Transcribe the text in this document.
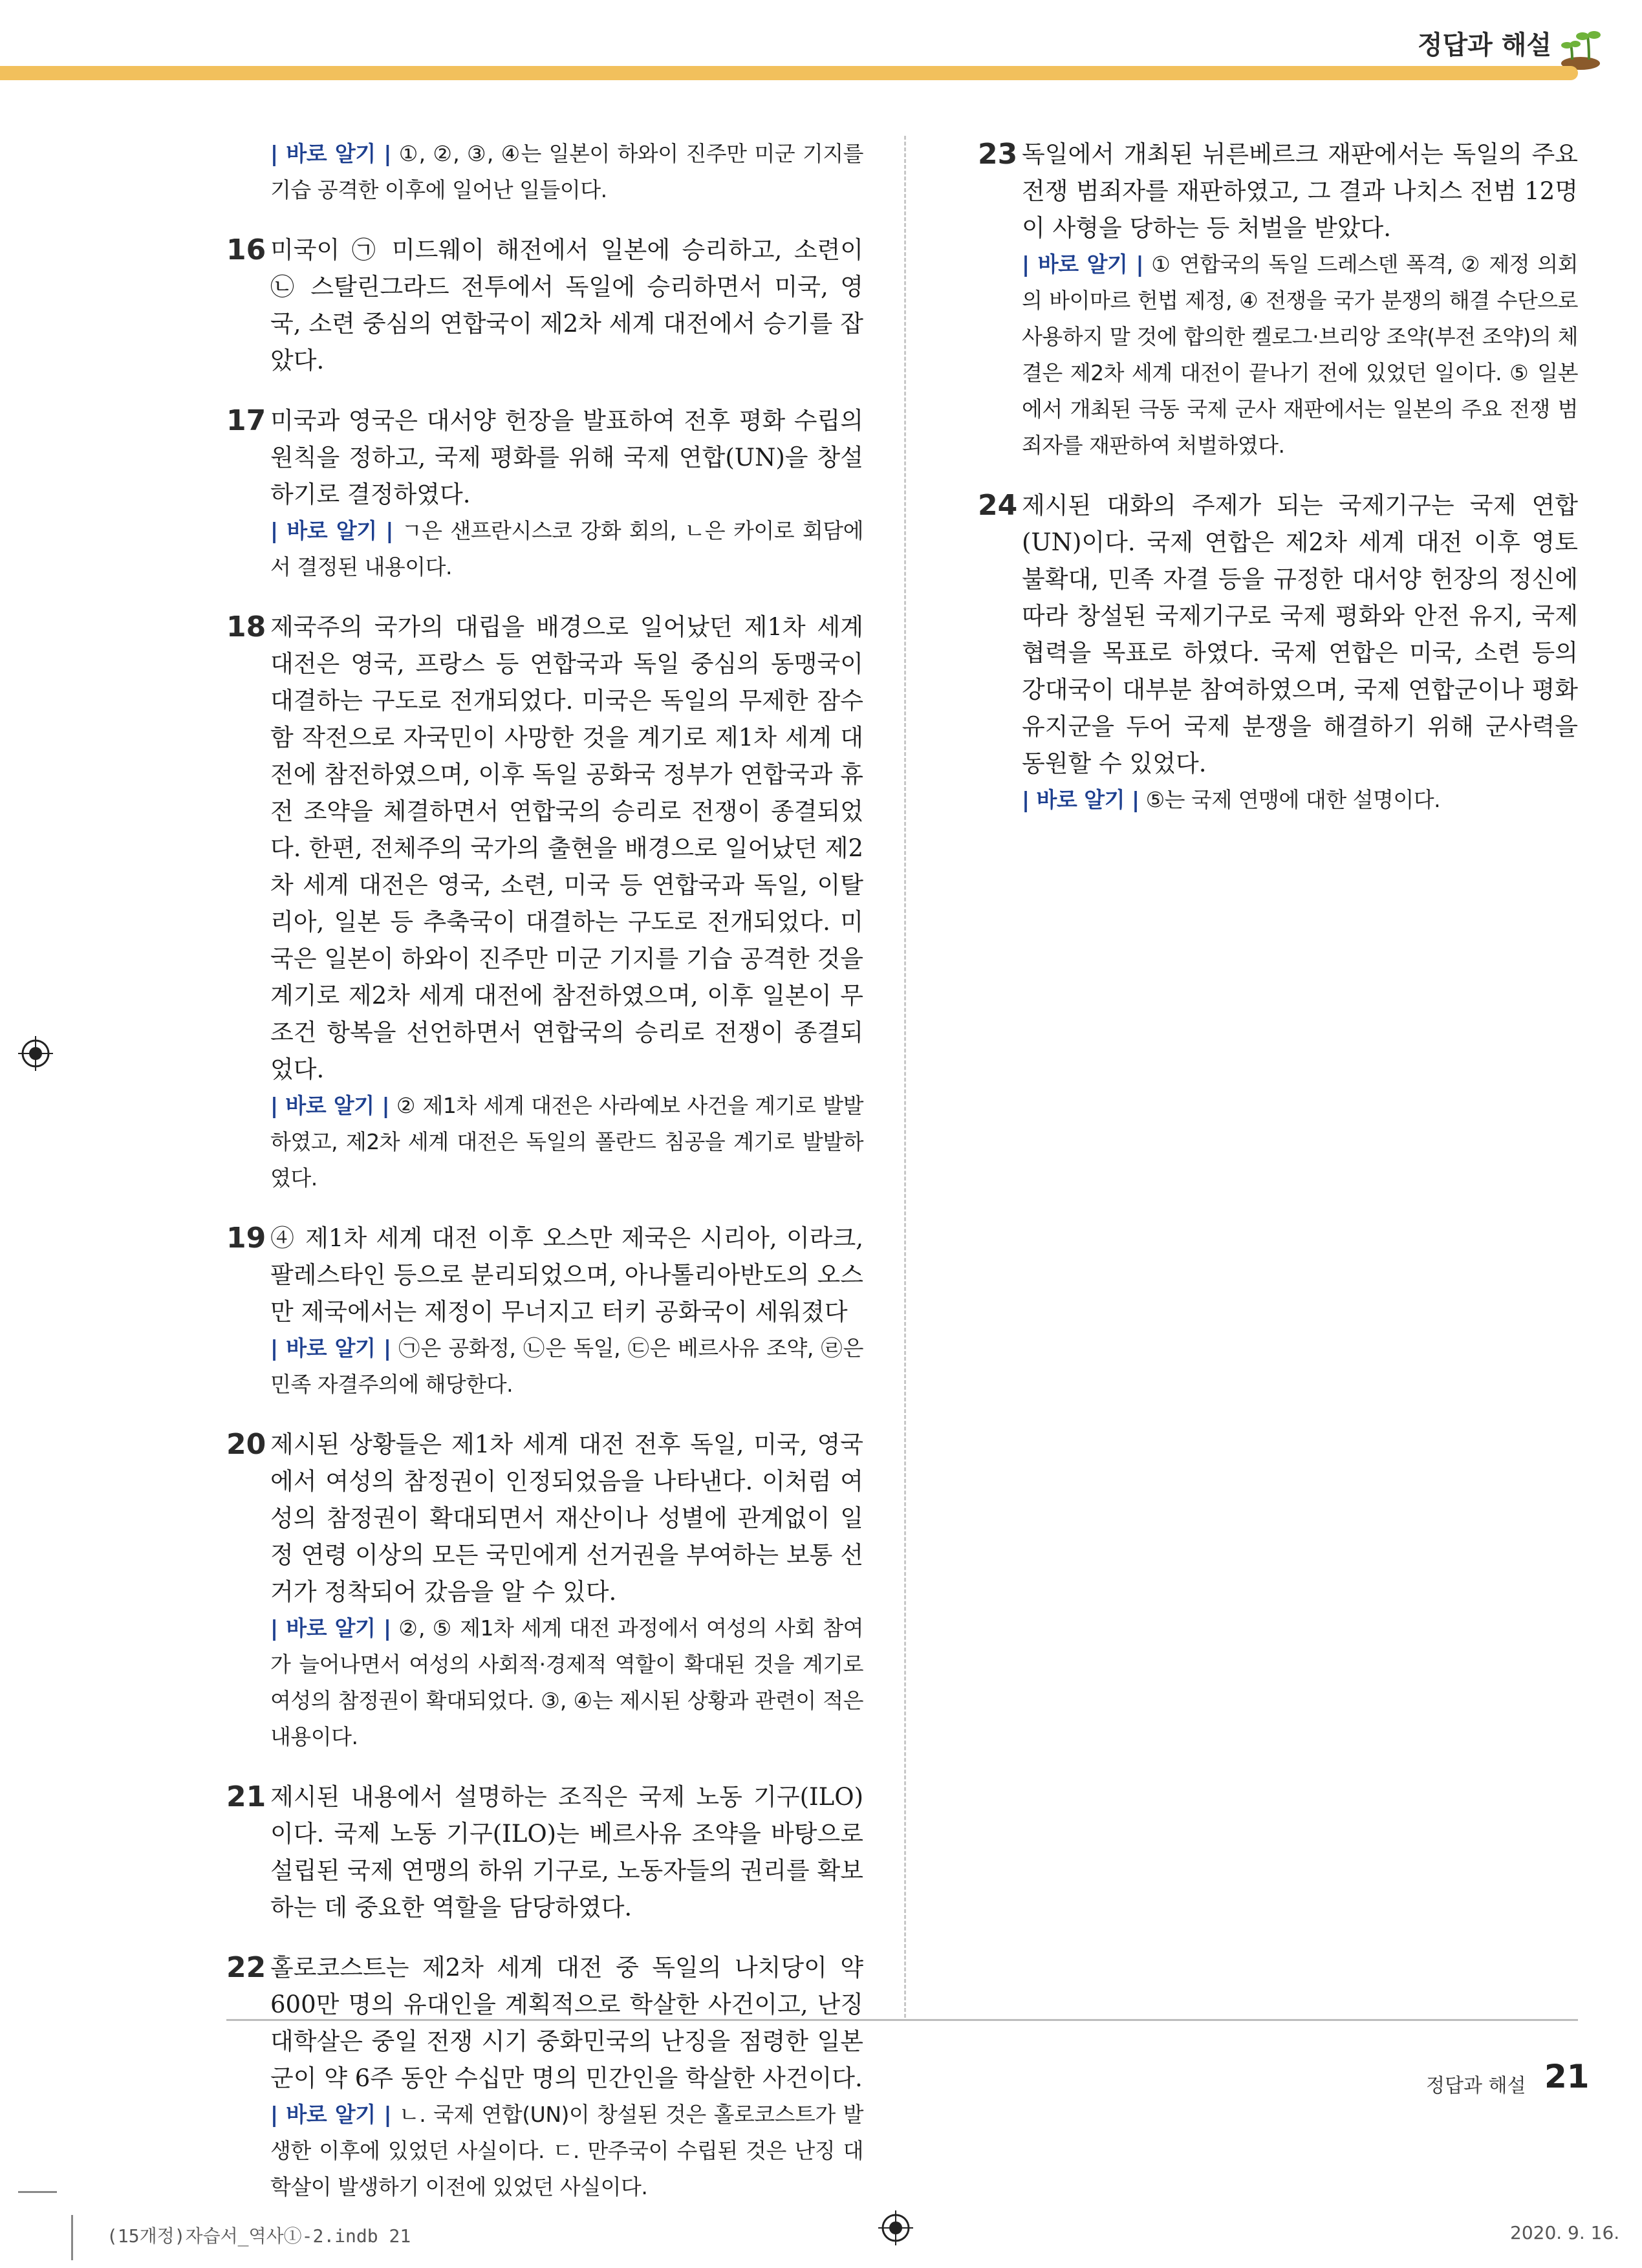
정답과 해설
| 바로 알기 | ①, ②, ③, ④는 일본이 하와이 진주만 미군 기지를 기습 공격한 이후에 일어난 일들이다.
16 미국이 ㉠ 미드웨이 해전에서 일본에 승리하고, 소련이 ㉡ 스탈린그라드 전투에서 독일에 승리하면서 미국, 영국, 소련 중심의 연합국이 제2차 세계 대전에서 승기를 잡았다.
17 미국과 영국은 대서양 헌장을 발표하여 전후 평화 수립의 원칙을 정하고, 국제 평화를 위해 국제 연합(UN)을 창설하기로 결정하였다.
| 바로 알기 | ㄱ은 샌프란시스코 강화 회의, ㄴ은 카이로 회담에서 결정된 내용이다.
18 제국주의 국가의 대립을 배경으로 일어났던 제1차 세계 대전은 영국, 프랑스 등 연합국과 독일 중심의 동맹국이 대결하는 구도로 전개되었다. 미국은 독일의 무제한 잠수함 작전으로 자국민이 사망한 것을 계기로 제1차 세계 대전에 참전하였으며, 이후 독일 공화국 정부가 연합국과 휴전 조약을 체결하면서 연합국의 승리로 전쟁이 종결되었다. 한편, 전체주의 국가의 출현을 배경으로 일어났던 제2차 세계 대전은 영국, 소련, 미국 등 연합국과 독일, 이탈리아, 일본 등 추축국이 대결하는 구도로 전개되었다. 미국은 일본이 하와이 진주만 미군 기지를 기습 공격한 것을 계기로 제2차 세계 대전에 참전하였으며, 이후 일본이 무조건 항복을 선언하면서 연합국의 승리로 전쟁이 종결되었다.
| 바로 알기 | ② 제1차 세계 대전은 사라예보 사건을 계기로 발발하였고, 제2차 세계 대전은 독일의 폴란드 침공을 계기로 발발하였다.
19 ④ 제1차 세계 대전 이후 오스만 제국은 시리아, 이라크, 팔레스타인 등으로 분리되었으며, 아나톨리아반도의 오스만 제국에서는 제정이 무너지고 터키 공화국이 세워졌다
| 바로 알기 | ㉠은 공화정, ㉡은 독일, ㉢은 베르사유 조약, ㉣은 민족 자결주의에 해당한다.
20 제시된 상황들은 제1차 세계 대전 전후 독일, 미국, 영국에서 여성의 참정권이 인정되었음을 나타낸다. 이처럼 여성의 참정권이 확대되면서 재산이나 성별에 관계없이 일정 연령 이상의 모든 국민에게 선거권을 부여하는 보통 선거가 정착되어 갔음을 알 수 있다.
| 바로 알기 | ②, ⑤ 제1차 세계 대전 과정에서 여성의 사회 참여가 늘어나면서 여성의 사회적·경제적 역할이 확대된 것을 계기로 여성의 참정권이 확대되었다. ③, ④는 제시된 상황과 관련이 적은 내용이다.
21 제시된 내용에서 설명하는 조직은 국제 노동 기구(ILO)이다. 국제 노동 기구(ILO)는 베르사유 조약을 바탕으로 설립된 국제 연맹의 하위 기구로, 노동자들의 권리를 확보하는 데 중요한 역할을 담당하였다.
22 홀로코스트는 제2차 세계 대전 중 독일의 나치당이 약 600만 명의 유대인을 계획적으로 학살한 사건이고, 난징 대학살은 중일 전쟁 시기 중화민국의 난징을 점령한 일본군이 약 6주 동안 수십만 명의 민간인을 학살한 사건이다.
| 바로 알기 | ㄴ. 국제 연합(UN)이 창설된 것은 홀로코스트가 발생한 이후에 있었던 사실이다. ㄷ. 만주국이 수립된 것은 난징 대학살이 발생하기 이전에 있었던 사실이다.
23 독일에서 개최된 뉘른베르크 재판에서는 독일의 주요 전쟁 범죄자를 재판하였고, 그 결과 나치스 전범 12명이 사형을 당하는 등 처벌을 받았다.
| 바로 알기 | ① 연합국의 독일 드레스덴 폭격, ② 제정 의회의 바이마르 헌법 제정, ④ 전쟁을 국가 분쟁의 해결 수단으로 사용하지 말 것에 합의한 켈로그·브리앙 조약(부전 조약)의 체결은 제2차 세계 대전이 끝나기 전에 있었던 일이다. ⑤ 일본에서 개최된 극동 국제 군사 재판에서는 일본의 주요 전쟁 범죄자를 재판하여 처벌하였다.
24 제시된 대화의 주제가 되는 국제기구는 국제 연합(UN)이다. 국제 연합은 제2차 세계 대전 이후 영토 불확대, 민족 자결 등을 규정한 대서양 헌장의 정신에 따라 창설된 국제기구로 국제 평화와 안전 유지, 국제 협력을 목표로 하였다. 국제 연합은 미국, 소련 등의 강대국이 대부분 참여하였으며, 국제 연합군이나 평화 유지군을 두어 국제 분쟁을 해결하기 위해 군사력을 동원할 수 있었다.
| 바로 알기 | ⑤는 국제 연맹에 대한 설명이다.
정답과 해설 21
(15개정)자습서_역사①-2.indb 21	2020. 9. 16.
